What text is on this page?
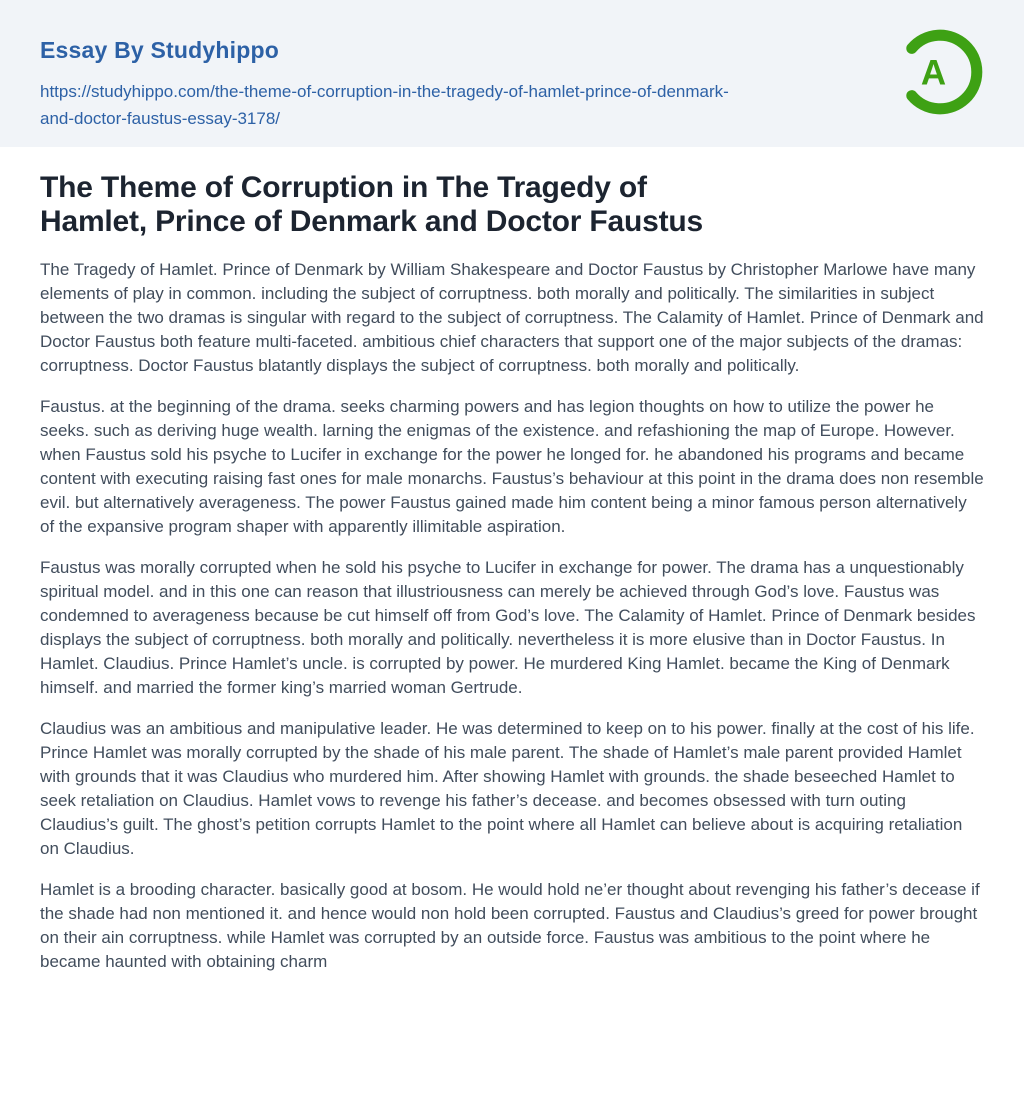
Essay By Studyhippo
https://studyhippo.com/the-theme-of-corruption-in-the-tragedy-of-hamlet-prince-of-denmark-
and-doctor-faustus-essay-3178/
A
The Theme of Corruption in The Tragedy of Hamlet, Prince of Denmark and Doctor Faustus

The Tragedy of Hamlet. Prince of Denmark by William Shakespeare and Doctor Faustus by Christopher Marlowe have many elements of play in common. including the subject of corruptness. both morally and politically. The similarities in subject between the two dramas is singular with regard to the subject of corruptness. The Calamity of Hamlet. Prince of Denmark and Doctor Faustus both feature multi-faceted. ambitious chief characters that support one of the major subjects of the dramas: corruptness. Doctor Faustus blatantly displays the subject of corruptness. both morally and politically.

Faustus. at the beginning of the drama. seeks charming powers and has legion thoughts on how to utilize the power he seeks. such as deriving huge wealth. larning the enigmas of the existence. and refashioning the map of Europe. However. when Faustus sold his psyche to Lucifer in exchange for the power he longed for. he abandoned his programs and became content with executing raising fast ones for male monarchs. Faustus’s behaviour at this point in the drama does non resemble evil. but alternatively averageness. The power Faustus gained made him content being a minor famous person alternatively of the expansive program shaper with apparently illimitable aspiration.

Faustus was morally corrupted when he sold his psyche to Lucifer in exchange for power. The drama has a unquestionably spiritual model. and in this one can reason that illustriousness can merely be achieved through God’s love. Faustus was condemned to averageness because be cut himself off from God’s love. The Calamity of Hamlet. Prince of Denmark besides displays the subject of corruptness. both morally and politically. nevertheless it is more elusive than in Doctor Faustus. In Hamlet. Claudius. Prince Hamlet’s uncle. is corrupted by power. He murdered King Hamlet. became the King of Denmark himself. and married the former king’s married woman Gertrude.

Claudius was an ambitious and manipulative leader. He was determined to keep on to his power. finally at the cost of his life. Prince Hamlet was morally corrupted by the shade of his male parent. The shade of Hamlet’s male parent provided Hamlet with grounds that it was Claudius who murdered him. After showing Hamlet with grounds. the shade beseeched Hamlet to seek retaliation on Claudius. Hamlet vows to revenge his father’s decease. and becomes obsessed with turn outing Claudius’s guilt. The ghost’s petition corrupts Hamlet to the point where all Hamlet can believe about is acquiring retaliation on Claudius.

Hamlet is a brooding character. basically good at bosom. He would hold ne’er thought about revenging his father’s decease if the shade had non mentioned it. and hence would non hold been corrupted. Faustus and Claudius’s greed for power brought on their ain corruptness. while Hamlet was corrupted by an outside force. Faustus was ambitious to the point where he became haunted with obtaining charm
